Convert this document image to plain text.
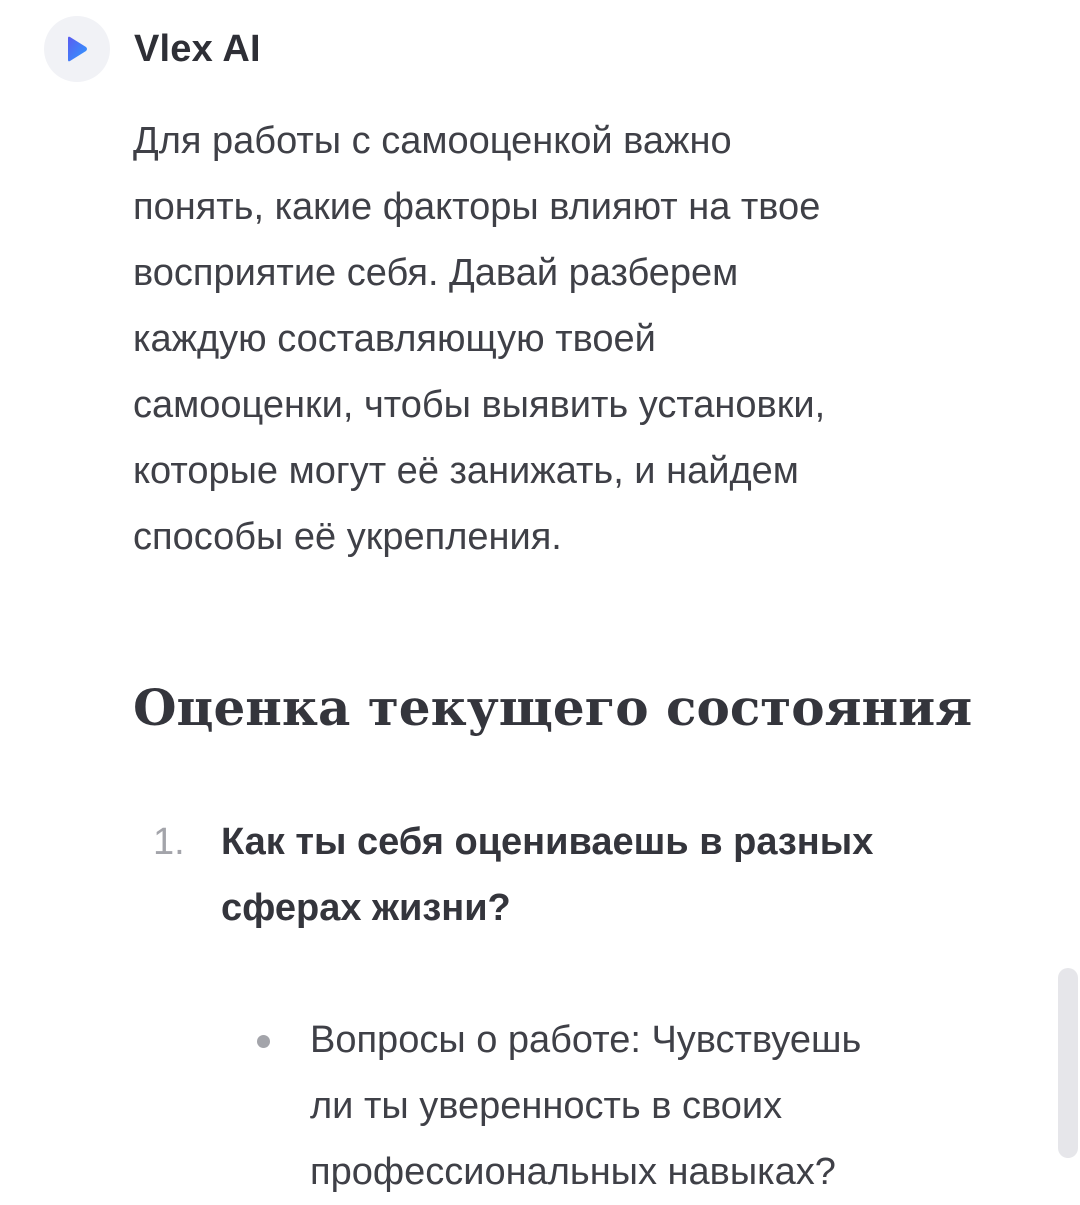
Vlex AI

Для работы с самооценкой важно
понять, какие факторы влияют на твое
восприятие себя. Давай разберем
каждую составляющую твоей
самооценки, чтобы выявить установки,
которые могут её занижать, и найдем
способы её укрепления.

Оценка текущего состояния
1. Как ты себя оцениваешь в разных
сферах жизни?
Вопросы о работе: Чувствуешь
ли ты уверенность в своих
профессиональных навыках?
